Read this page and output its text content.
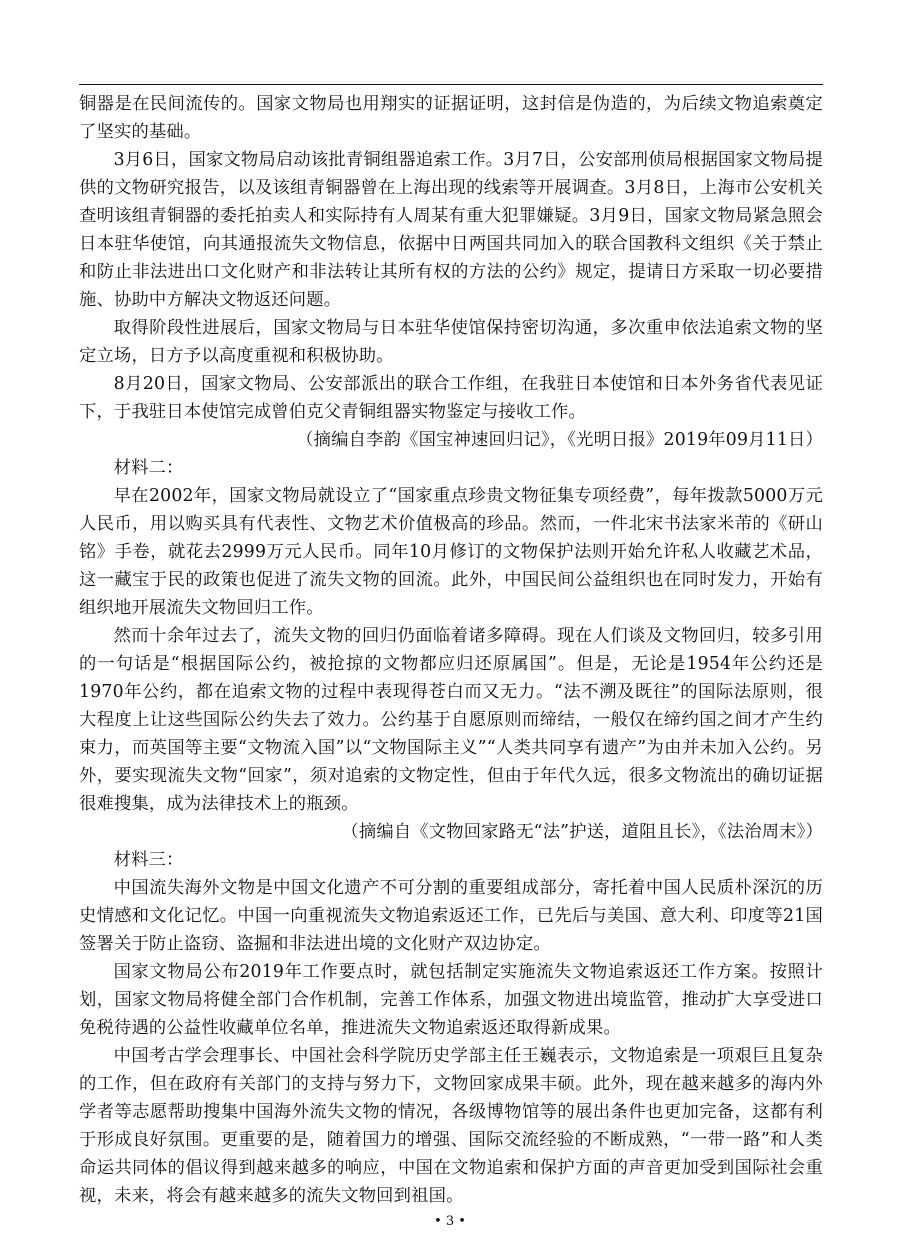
铜器是在民间流传的。国家文物局也用翔实的证据证明，这封信是伪造的，为后续文物追索奠定了坚实的基础。

3月6日，国家文物局启动该批青铜组器追索工作。3月7日，公安部刑侦局根据国家文物局提供的文物研究报告，以及该组青铜器曾在上海出现的线索等开展调查。3月8日，上海市公安机关查明该组青铜器的委托拍卖人和实际持有人周某有重大犯罪嫌疑。3月9日，国家文物局紧急照会日本驻华使馆，向其通报流失文物信息，依据中日两国共同加入的联合国教科文组织《关于禁止和防止非法进出口文化财产和非法转让其所有权的方法的公约》规定，提请日方采取一切必要措施、协助中方解决文物返还问题。

取得阶段性进展后，国家文物局与日本驻华使馆保持密切沟通，多次重申依法追索文物的坚定立场，日方予以高度重视和积极协助。

8月20日，国家文物局、公安部派出的联合工作组，在我驻日本使馆和日本外务省代表见证下，于我驻日本使馆完成曾伯克父青铜组器实物鉴定与接收工作。

（摘编自李韵《国宝神速回归记》，《光明日报》2019年09月11日）

材料二：

早在2002年，国家文物局就设立了“国家重点珍贵文物征集专项经费”，每年拨款5000万元人民币，用以购买具有代表性、文物艺术价值极高的珍品。然而，一件北宋书法家米芾的《研山铭》手卷，就花去2999万元人民币。同年10月修订的文物保护法则开始允许私人收藏艺术品，这一藏宝于民的政策也促进了流失文物的回流。此外，中国民间公益组织也在同时发力，开始有组织地开展流失文物回归工作。

然而十余年过去了，流失文物的回归仍面临着诸多障碍。现在人们谈及文物回归，较多引用的一句话是“根据国际公约，被抢掠的文物都应归还原属国”。但是，无论是1954年公约还是1970年公约，都在追索文物的过程中表现得苍白而又无力。“法不溯及既往”的国际法原则，很大程度上让这些国际公约失去了效力。公约基于自愿原则而缔结，一般仅在缔约国之间才产生约束力，而英国等主要“文物流入国”以“文物国际主义”“人类共同享有遗产”为由并未加入公约。另外，要实现流失文物“回家”，须对追索的文物定性，但由于年代久远，很多文物流出的确切证据很难搜集，成为法律技术上的瓶颈。

（摘编自《文物回家路无“法”护送，道阻且长》，《法治周末》）

材料三：

中国流失海外文物是中国文化遗产不可分割的重要组成部分，寄托着中国人民质朴深沉的历史情感和文化记忆。中国一向重视流失文物追索返还工作，已先后与美国、意大利、印度等21国签署关于防止盗窃、盗掘和非法进出境的文化财产双边协定。

国家文物局公布2019年工作要点时，就包括制定实施流失文物追索返还工作方案。按照计划，国家文物局将健全部门合作机制，完善工作体系，加强文物进出境监管，推动扩大享受进口免税待遇的公益性收藏单位名单，推进流失文物追索返还取得新成果。

中国考古学会理事长、中国社会科学院历史学部主任王巍表示，文物追索是一项艰巨且复杂的工作，但在政府有关部门的支持与努力下，文物回家成果丰硕。此外，现在越来越多的海内外学者等志愿帮助搜集中国海外流失文物的情况，各级博物馆等的展出条件也更加完备，这都有利于形成良好氛围。更重要的是，随着国力的增强、国际交流经验的不断成熟，“一带一路”和人类命运共同体的倡议得到越来越多的响应，中国在文物追索和保护方面的声音更加受到国际社会重视，未来，将会有越来越多的流失文物回到祖国。

• 3 •
